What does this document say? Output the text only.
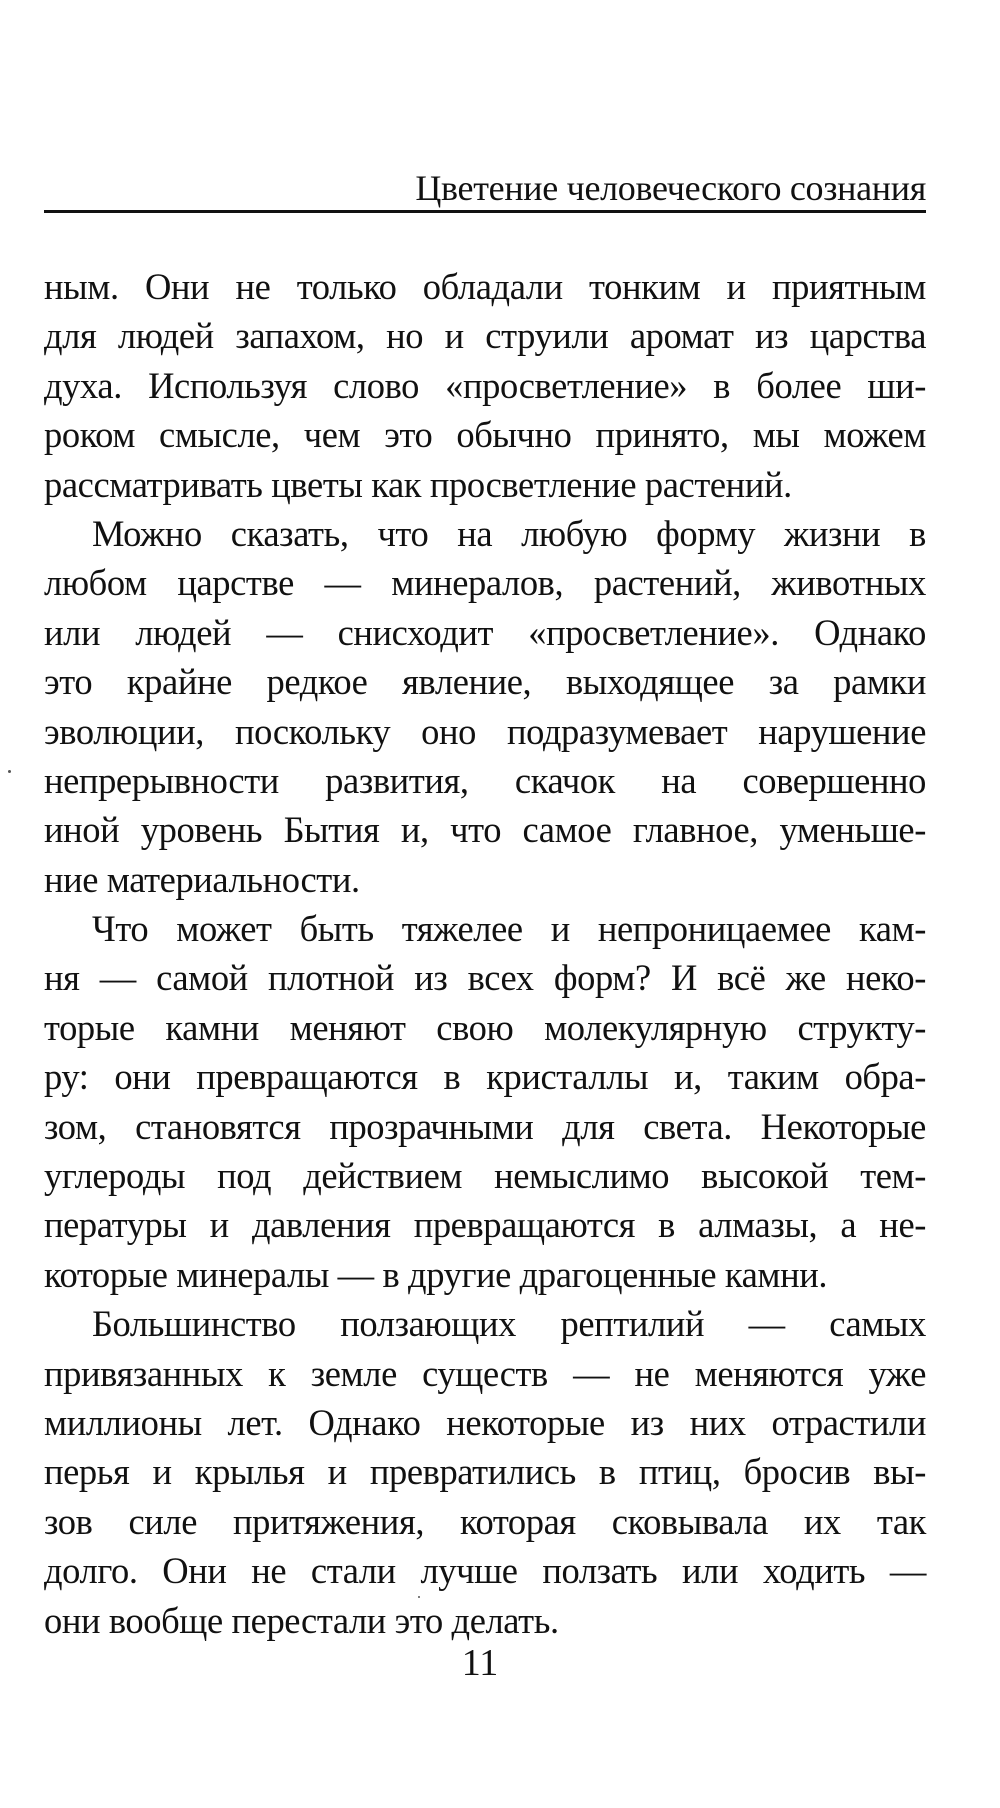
Цветение человеческого сознания
ным. Они не только обладали тонким и приятным
для людей запахом, но и струили аромат из царства
духа. Используя слово «просветление» в более ши-
роком смысле, чем это обычно принято, мы можем
рассматривать цветы как просветление растений.
Можно сказать, что на любую форму жизни в
любом царстве — минералов, растений, животных
или людей — снисходит «просветление». Однако
это крайне редкое явление, выходящее за рамки
эволюции, поскольку оно подразумевает нарушение
непрерывности развития, скачок на совершенно
иной уровень Бытия и, что самое главное, уменьше-
ние материальности.
Что может быть тяжелее и непроницаемее кам-
ня — самой плотной из всех форм? И всё же неко-
торые камни меняют свою молекулярную структу-
ру: они превращаются в кристаллы и, таким обра-
зом, становятся прозрачными для света. Некоторые
углероды под действием немыслимо высокой тем-
пературы и давления превращаются в алмазы, а не-
которые минералы — в другие драгоценные камни.
Большинство ползающих рептилий — самых
привязанных к земле существ — не меняются уже
миллионы лет. Однако некоторые из них отрастили
перья и крылья и превратились в птиц, бросив вы-
зов силе притяжения, которая сковывала их так
долго. Они не стали лучше ползать или ходить —
они вообще перестали это делать.
11
